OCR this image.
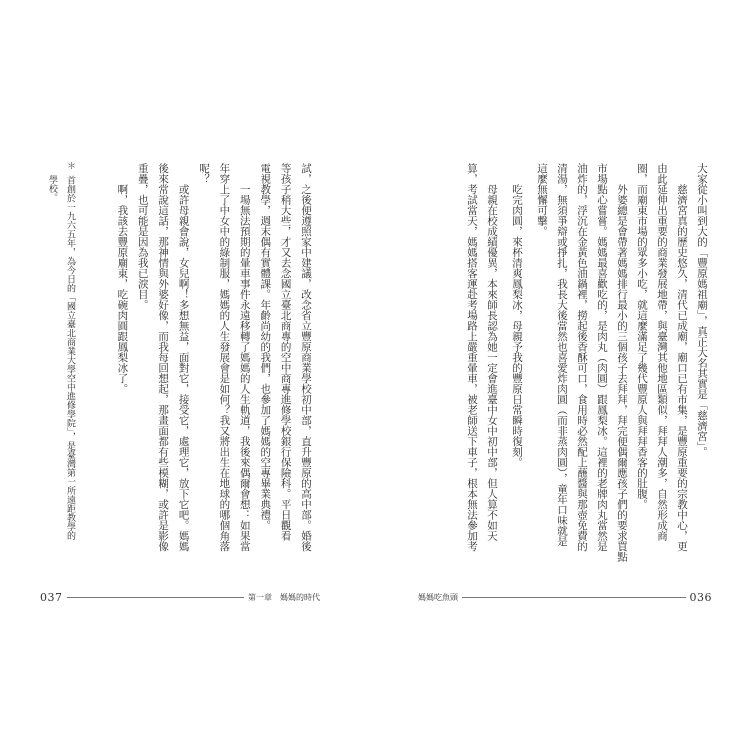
試，之後便遵照家中建議，改念省立豐原商業學校初中部，直升豐原的高中部。婚後
等孩子稍大些，才又去念國立臺北商專的空中商專進修學校銀行保險科。平日觀看
電視教學，週末偶有實體課。年齡尚幼的我們，也參加了媽媽的空專畢業典禮。
一場無法預期的暈車事件永遠移轉了媽媽的人生軌道，我後來偶爾會想：如果當
年穿上了中女中的綠制服，媽媽的人生發展會是如何？我又將出生在地球的哪個角落
呢？
或許母親會說，女兒啊！多想無益，面對它，接受它，處理它，放下它吧。媽媽
後來常說這話，那神情與外婆好像，而我每回想起，那畫面都有些模糊，或許是影像
重疊，也可能是因為我已淚目。
啊，我該去豐原廟東，吃碗肉圓跟鳳梨冰了。
＊首創於一九六五年，為今日的「國立臺北商業大學空中進修學院」，是臺灣第一所遠距教學的
學校。
037	第一章　媽媽的時代
大家從小叫到大的「豐原媽祖廟」，真正大名其實是「慈濟宮」。
慈濟宮真的歷史悠久，清代已成廟，廟口已有市集，是豐原重要的宗教中心，更
由此延伸出重要的商業發展地帶，與臺灣其他地區類似，拜拜人潮多，自然形成商
圈，而廟東市場的眾多小吃，就這麼滿足了幾代豐原人與拜拜香客的肚腹。
外婆總是會帶著媽媽排行最小的三個孩子去拜拜，拜完便偶爾應孩子們的要求買點
市場點心嘗嘗。媽媽最喜歡吃的，是肉丸（肉圓）跟鳳梨冰。這裡的老牌肉丸當然是
油炸的，浮沉在金黃色油鍋裡，撈起後香酥可口，食用時必然配上蘸醬與那壺免費的
清湯，無須爭辯或掙扎，我長大後當然也喜愛炸肉圓（而非蒸肉圓），童年口味就是
這麼無懈可擊。
吃完肉圓，來杯清爽鳳梨冰，母親予我的豐原日常瞬時復刻。
母親在校成績優異，本來師長認為她一定會進臺中女中初中部，但人算不如天
算，考試當天，媽媽搭客運赴考場路上嚴重暈車，被老師送下車子，根本無法參加考
媽媽吃魚頭	036
